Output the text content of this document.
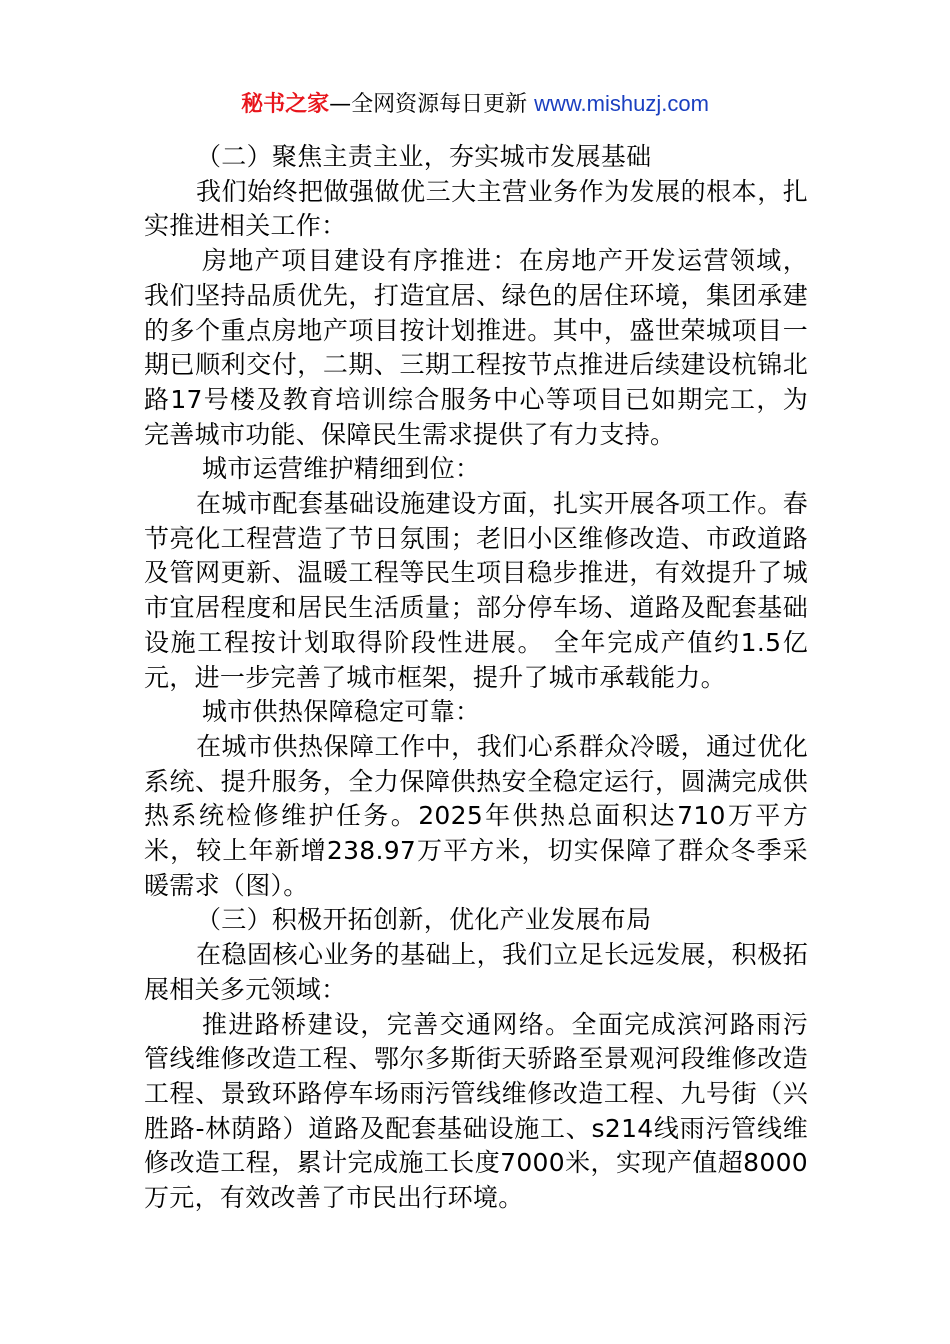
秘书之家—全网资源每日更新 www.mishuzj.com

（二）聚焦主责主业，夯实城市发展基础

我们始终把做强做优三大主营业务作为发展的根本，扎实推进相关工作：

房地产项目建设有序推进：在房地产开发运营领域，我们坚持品质优先，打造宜居、绿色的居住环境，集团承建的多个重点房地产项目按计划推进。其中，盛世荣城项目一期已顺利交付，二期、三期工程按节点推进后续建设杭锦北路17号楼及教育培训综合服务中心等项目已如期完工，为完善城市功能、保障民生需求提供了有力支持。

城市运营维护精细到位：

在城市配套基础设施建设方面，扎实开展各项工作。春节亮化工程营造了节日氛围；老旧小区维修改造、市政道路及管网更新、温暖工程等民生项目稳步推进，有效提升了城市宜居程度和居民生活质量；部分停车场、道路及配套基础设施工程按计划取得阶段性进展。 全年完成产值约1.5亿元，进一步完善了城市框架，提升了城市承载能力。

城市供热保障稳定可靠：

在城市供热保障工作中，我们心系群众冷暖，通过优化系统、提升服务，全力保障供热安全稳定运行，圆满完成供热系统检修维护任务。2025年供热总面积达710万平方米，较上年新增238.97万平方米，切实保障了群众冬季采暖需求（图）。

（三）积极开拓创新，优化产业发展布局

在稳固核心业务的基础上，我们立足长远发展，积极拓展相关多元领域：

推进路桥建设，完善交通网络。全面完成滨河路雨污管线维修改造工程、鄂尔多斯街天骄路至景观河段维修改造工程、景致环路停车场雨污管线维修改造工程、九号街（兴胜路-林荫路）道路及配套基础设施工、s214线雨污管线维修改造工程，累计完成施工长度7000米，实现产值超8000万元，有效改善了市民出行环境。
